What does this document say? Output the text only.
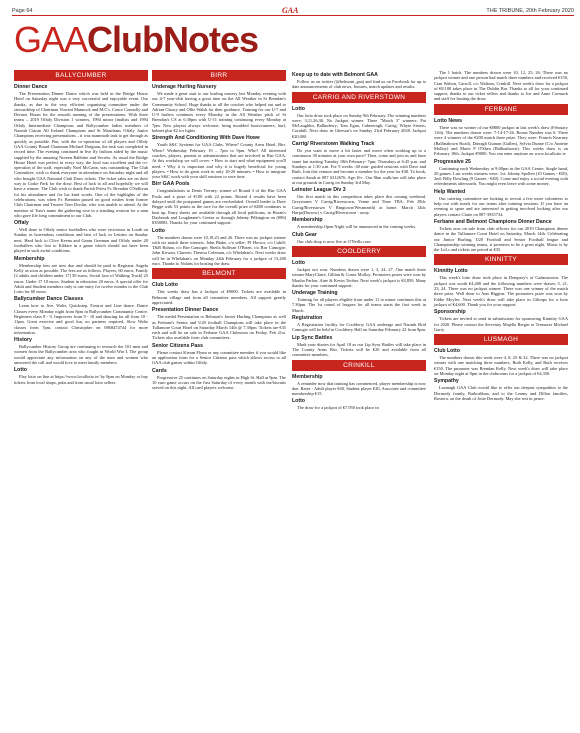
Page 64	GAA	THE TRIBUNE, 20th February 2020
GAAClubNotes
BALLYCUMBER
Dinner Dance

The Presentation Dinner Dance which was held in the Bridge House Hotel on Saturday night was a very successful and enjoyable event. Our thanks, as due to the very efficient organising committee under the stewardship of Chairman Vincent Mannock and M.C's. Conor Connolly and Dermot Horan for the smooth running of the presentations. With three teams – 2019 Offaly Division 1 winners, 1994 minor finalists and 1994 Offaly Intermediate Champions and Ballycumber ladies members of Naomh Ciaran All Ireland Champions and St Manchans Offaly Junior Champions receiving presentations – it was mammoth task to get through as quickly as possible. But, with the co-operation of all players and Offaly GAA County Board Chairman Michael Duignan, the task was completed in record time. The evening continued in live fly fashion aided by the music supplied by the amazing Noreen Rabbitte and Secrets. As usual the Bridge House Hotel was perfect in every way, the food was excellent and the co-operation of the staff, especially Noel McCann, was outstanding. The Club Committee, wish to thank everyone in attendance on Saturday night and all who bought GAA National Club Draw tickets. The ticket sales are on their way to Croke Park for the draw. Best of luck to all and hopefully we will have a winner. The Club wish to thank Parish Priest Fr. Brendan O'Sullivan for his attendance and for his kind words. One of the highlights of the celebrations, was when Fr. Brendan passed on good wishes from former Club Chairman and Trustee Tom Doolin, who was unable to attend. At the mention of Tom's name the gathering rose in a standing ovation for a man who gave life long commitment to our Club.

Offaly

Well done to Offaly senior footballers who were victorious in Louth on Sunday in horrendous conditions and best of luck in Leitrim on Sunday next. Hard luck to Clive Keena and Garan Grennan and Offaly under 20 footballers who lost to Kildare in a game which should not have been played in such awful conditions.

Membership

Membership fees are now due and should be paid to Registrar Angela Kelly as soon as possible. The fees are as follows. Players, 60 euros, Family [2 adults and children under 17] 50 euros, Social [use of Walking Track] 25 euros. Under 17 10 euros. Student in education 20 euros. A special offer for Adult and Student members only is one entry for twelve months to the Club Lotto for 60 euros.

Ballycumber Dance Classes

Learn how to Jive, Waltz, Quickstep, Foxtrot and Line dance. Dance Classes every Monday night from 8pm in Ballycumber Community Centre. Beginners class 8 - 9, Improvers from 9 - 10 and dancing for all from 10 - 11pm. Great exercise and good fun, no partners required. Slow Waltz classes from 7pm, contact Christopher on 0868474744 for more information.

History

Ballycumber History Group are continuing to research the 101 men and women from the Ballycumber area who fought in World War I. The group would appreciate any information on any of the men and women who answered the call and would love to meet family members.

Lotto

Play lotto on line at https://www.locallotto.ie/ by 8pm on Monday or buy tickets from local shops, pubs and from usual lotto sellers.

BIRR
Underage Hurling Nursery

We made a great start to our hurling nursery last Monday evening with our 4-7 year-olds having a great time on the All Weather in St Brendan's Community School. Huge thanks to all the coaches who helped out and to Adrian Clancy and Ollie Walsh for their guidance. Training for our U-7 and U-9 hurlers continues every Monday in the All Weather pitch of St Brendan's CS at 6.30pm with U-11 training continuing every Monday at 7pm. New players always welcome, bring moulded boots/runners, hurl, helmet plus €2 for lights.

Strength And Conditioning With Dave Howe

Youth S&C Systems for GAA Clubs. Where? County Arms Hotel, Birr. When? Wednesday February 19 – 7pm to 9pm. Who? All interested coaches, players, parents or administrators that are involved in Birr GAA. At this workshop we will cover: • How to start and what equipment you'll need. • Why it is important and why it is hugely beneficial for young players. • How to do great work in only 10-20 minutes. • How to integrate your S&C work with your skill sessions to save time.

Birr GAA Pools

Congratulations to Denis Tierney, winner of Round 3 of the Birr GAA Pools and a prize of €100 with 22 points. Round 4 results have been delayed until the postponed games are rescheduled. Overall leader is Dave Begge with 53 points as the race for the overall prize of €400 continues to heat up. Entry sheets are available through all local publicans, in Horan's Daybreak and Loughnane's Centra or through Johnny Pilkington on (086) 8358083. Thanks for your continued support.

Lotto

The numbers drawn were 10,18,23 and 26. There was no jackpot winner with six match three winners. John Blake, c/o seller; PJ Hoctor, c/o Cahill; T&R Rohan, c/o Birr Camogie; Sheila Sullivan O'Brien, c/o Birr Camogie; John Kirwan, Clareen; Theresa Coleman, c/o Whelahan's. Next weeks draw will be in Whelahan's on Monday 24th February for a jackpot of 13,200 euro. Thanks to Nolans for hosting the draw.

BELMONT
Club Lotto

This weeks draw has a Jackpot of €9000. Tickets are available in Belmont village and from all committee members. All support greatly appreciated.

Presentation Dinner Dance

The medal Presentation to Belmont's Junior Hurling Champions as well as Ferbane's Senior and U20 football Champions will take place in the Tullamore Court Hotel on Saturday March 14th @ 7.30pm. Tickets are €35 each and will be on sale in Ferbane GAA Clubroom on Friday, Feb 21st. Tickets also available from club committees.

Senior Citizens Pass

Please contact Kieran Flynn or any committee member if you would like an application form for a Senior Citizens pass which allows access to all GAA club games within Offaly.

Cards

Progressive 25 continues on Saturday nights in High St. Hall at 9pm. The 10 euro game occurs on the first Saturday of every month with tea/biscuits served on this night. All card players welcome.

Keep up to date with Belmont GAA

Follow us on twitter (@belmont_gaa) and find us on Facebook for up to date announcements of club news, fixtures, match updates and results.

CARRIG AND RIVERSTOWN
Lotto

Our lotto draw took place on Sunday 9th February. The winning numbers were: 3,11,26,30. No Jackpot winner. Three "Match 3" winners: Pat McLaughlin, Ballinderry; Tom Egan, Cabreeragh, Carrig; Whyte Sisters, Cornhill. Next draw in Gleeson's on Sunday 23rd February 2020. Jackpot €20,000.

Carrig/ Riverstown Walking Track

Do you want to move a bit faster and move often working up to a continuous 30 minutes at your own pace? Then, come and join us and have some fun starting Tuesday 18th February- 7pm; Thursdays at 6:45 p.m. and Sundays at 1:30 a.m. For 9 weeks -40 min- guided sessions with Dave and Ruth. Join this venture and become a member for the year for €30. To book, contact Sarah at 087 6312676. Age:16+. Our 8km walk/run will take place at our grounds in Carrig on Sunday 3rd May.

Leinster League Div 3

Our first match in this competition takes place this coming weekend. Greystones V Carrig/Riverstown. Venue and Time TBA. Feb 29th: Carrig/Riverstown V Ringtown/Westmeath) at home. March 14th: Harps(Durrow) v Carrig/Riverstown - away.

Membership

A membership Open Night will be announced in the coming weeks.

Club Gear

Our club shop is now live at O'Neills.com

COOLDERRY
Lotto

Jackpot not won. Numbers drawn were 1, 3, 24, 27. One match three winner MaryClaire, Gillian & Conor Molloy. Promoters prizes were won by Martha Parlon, Aine & Kevin Tooher. Next week's jackpot is €4,850. Many thanks for your continued support.

Underage Training

Training for all players eligible from under 11 to minor continues this at 7.30pm. The 1st round of leagues for all teams starts the first week in March.

Registration

A Registration facility for Coolderry GAA underage and Naomh Brid Camogie will be held in Coolderry Hall on Saturday February 22 from 8pm.

Lip Sync Battles

Mark your diaries for April 18 as our Lip Sync Battles will take place in The County Arms Birr. Tickets will be €20 and available from all committee members.

CRINKILL
Membership

A reminder now that training has commenced, player membership is now due. Rates - Adult player €40, Student player €20, Associate and committee membership €15.

Lotto

The draw for a jackpot of €7,950 took place in

The 1 hatch. The numbers drawn were 10, 12, 25, 26. There was no jackpot winner and one person had match three numbers and received €150, Cian Walton, Carroll, c/o Waltons, Crinkill. Next week's draw for a jackpot of €8,100 takes place in The Dublin Bar. Thanks to all for your continued support, thanks to our ticket sellers and thanks to Joe and Anne Cormack and staff for hosting the draw.

FERBANE
Lotto News

There was no winner of our €8800 jackpot in last week's draw (February 11th). The numbers drawn were: 7-14-17-26. Bonus Number was 6. There were 4 winners of the €200 match three prize. They were: Francis Kearney (Ballinahown Road), Darragh Guinan (Gallen), Sylvia Dunne (C/o Annette Molloy) and Marie P O'Shea (Ballinahown). This weeks draw is on February 18th, Jackpot €9000. You can enter anytime on www.locallotto.ie

Progressive 25

Continuing each Wednesday at 9:00pm in the GAA Centre, Single hand, 20 games. Last weeks winners were: 1st: Johnny Spollen (10 Games - €50), 2nd: Billy Dowling (9 Games - €40). Come and enjoy a social evening with refreshments afterwards. You might even leave with some money.

Help Wanted

Our catering committee are looking to recruit a few more volunteers to help out with meals for our teams after training sessions. If you have an evening to spare and are interested in getting involved looking after our players contact Claire on 087-3935734.

Ferbane and Belmont Champions Dinner Dance

Tickets now on sale from club officers for our 2019 Champions dinner dance in the Tullamore Court Hotel on Saturday, March 14th. Celebrating our Junior Hurling, U20 Football and Senior Football league and Championship winning teams, it promises to be a great night. Music is by the LoLs and tickets are priced at €35.

KINNITTY
Kinnitty Lotto

This week's lotto draw took place in Dempsey's of Cadamstown. The jackpot was worth €4,400 and the following numbers were drawn; 5, 21, 23, 24. There was no jackpot winner. There was one winner of the match three prize. Well done to Ann Higgins. The promoters prize was won by Eddie Moyles. Next week's draw will take place in Giltraps for a lotto jackpot of €4,600. Thank you for your support.

Sponsorship

Tickets are invited to send in submissions for sponsoring Kinnitty GAA for 2020. Please contact the Secretary Majella Bergin or Treasurer Michael Garry.

LUSMAGH
Club Lotto

The numbers drawn this week were 4, 8, 25 & 32. There was no jackpot winner with one matching three numbers, Ruth Kelly, and Ruth receives €150. The promoter was Brendan Kelly. Next week's draw will take place on Monday night at 9pm in the clubrooms for a jackpot of €4,350.

Sympathy

Lusmagh GAA Club would like to offer our deepest sympathies to the Dermody family, Rathcabban, and to the Leamy and Dillon families, Rosrera, on the death of Josie Dermody. May she rest in peace.
